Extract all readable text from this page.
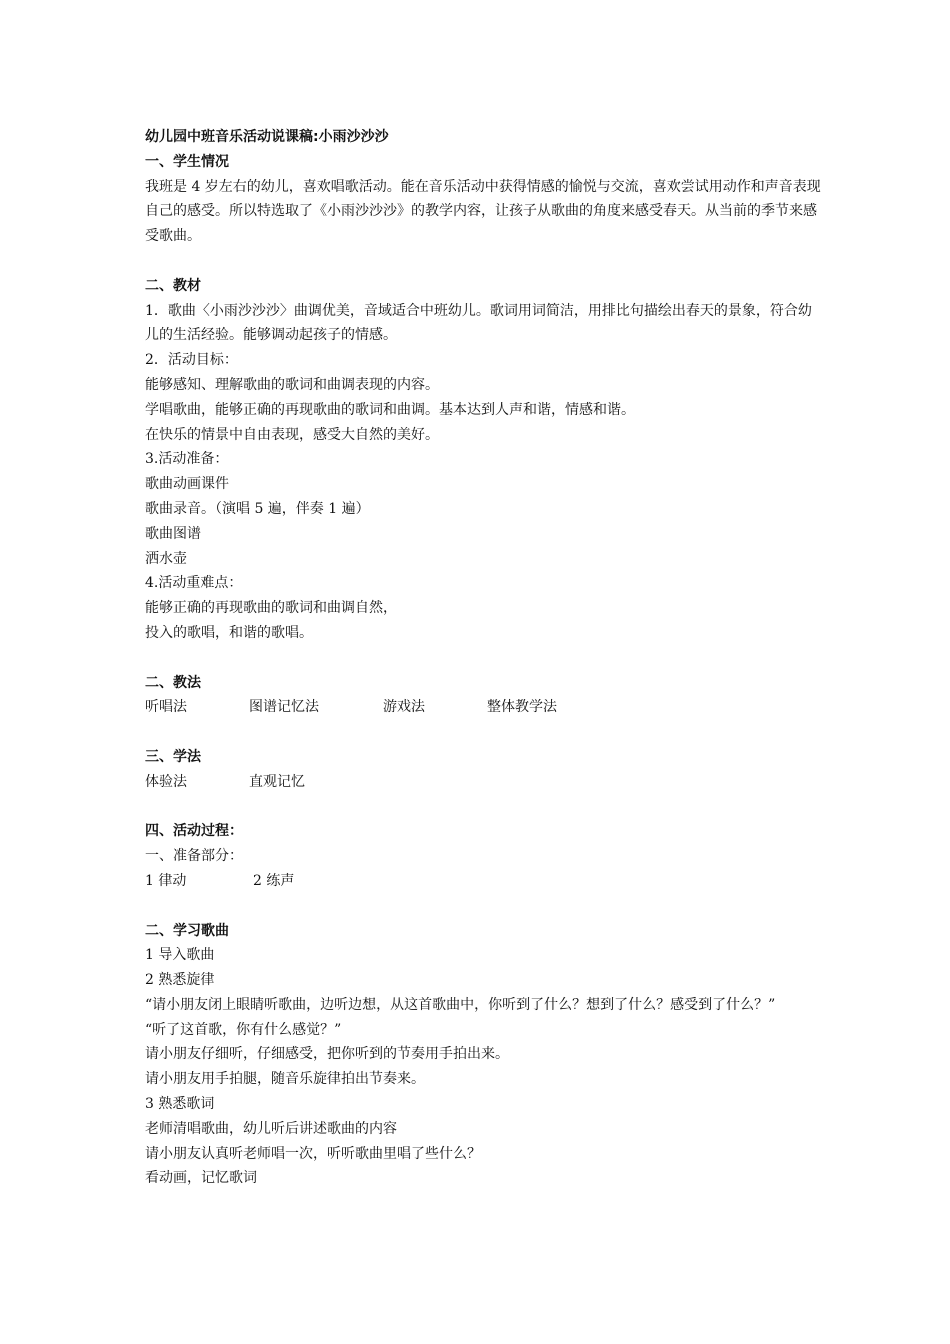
幼儿园中班音乐活动说课稿:小雨沙沙沙
一、学生情况
我班是 4 岁左右的幼儿，喜欢唱歌活动。能在音乐活动中获得情感的愉悦与交流，喜欢尝试用动作和声音表现自己的感受。所以特选取了《小雨沙沙沙》的教学内容，让孩子从歌曲的角度来感受春天。从当前的季节来感受歌曲。
二、教材
1．歌曲〈小雨沙沙沙〉曲调优美，音域适合中班幼儿。歌词用词简洁，用排比句描绘出春天的景象，符合幼儿的生活经验。能够调动起孩子的情感。
2．活动目标：
能够感知、理解歌曲的歌词和曲调表现的内容。
学唱歌曲，能够正确的再现歌曲的歌词和曲调。基本达到人声和谐，情感和谐。
在快乐的情景中自由表现，感受大自然的美好。
3.活动准备：
歌曲动画课件
歌曲录音。（演唱 5 遍，伴奏 1 遍）
歌曲图谱
洒水壶
4.活动重难点：
能够正确的再现歌曲的歌词和曲调自然，
投入的歌唱，和谐的歌唱。
二、教法
听唱法	图谱记忆法	游戏法	整体教学法
三、学法
体验法	直观记忆
四、活动过程：
一、准备部分：
1 律动	2 练声
二、学习歌曲
1 导入歌曲
2 熟悉旋律
“请小朋友闭上眼睛听歌曲，边听边想，从这首歌曲中，你听到了什么？想到了什么？感受到了什么？”
“听了这首歌，你有什么感觉？”
请小朋友仔细听，仔细感受，把你听到的节奏用手拍出来。
请小朋友用手拍腿，随音乐旋律拍出节奏来。
3 熟悉歌词
老师清唱歌曲，幼儿听后讲述歌曲的内容
请小朋友认真听老师唱一次，听听歌曲里唱了些什么？
看动画，记忆歌词
